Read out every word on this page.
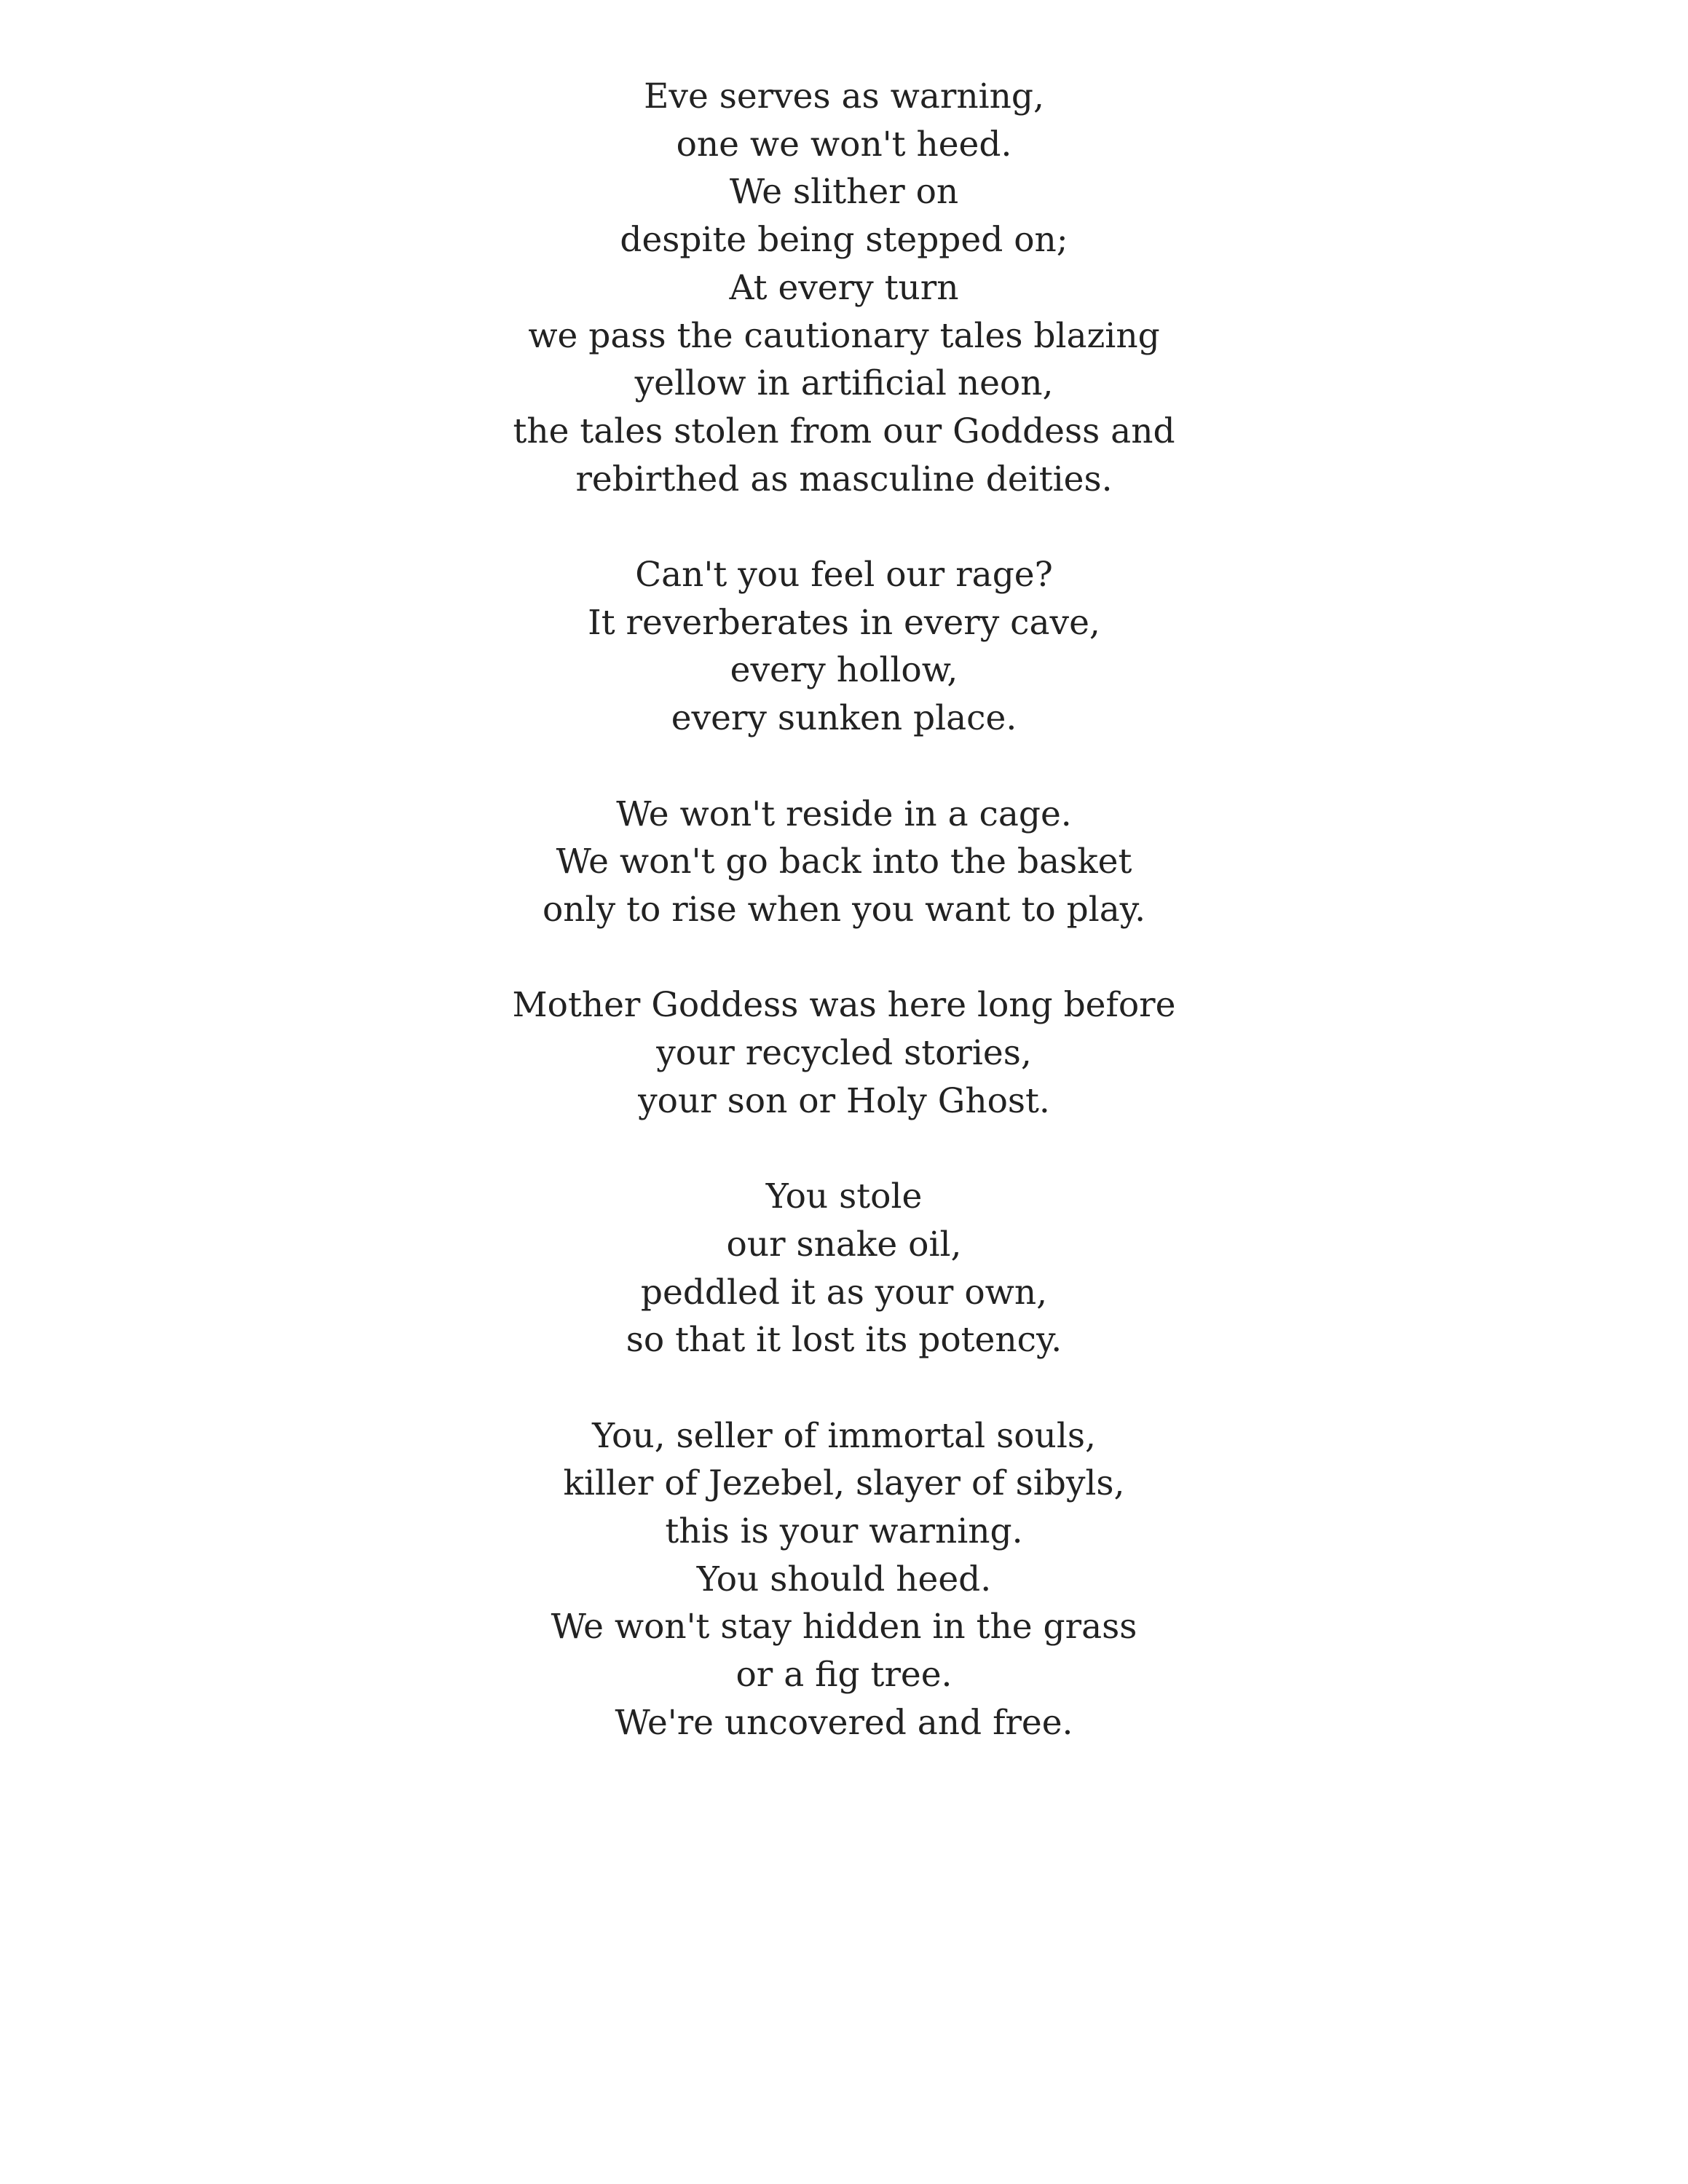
Eve serves as warning,
one we won't heed.
We slither on
despite being stepped on;
At every turn
we pass the cautionary tales blazing
yellow in artificial neon,
the tales stolen from our Goddess and
rebirthed as masculine deities.
Can't you feel our rage?
It reverberates in every cave,
every hollow,
every sunken place.
We won't reside in a cage.
We won't go back into the basket
only to rise when you want to play.
Mother Goddess was here long before
your recycled stories,
your son or Holy Ghost.
You stole
our snake oil,
peddled it as your own,
so that it lost its potency.
You, seller of immortal souls,
killer of Jezebel, slayer of sibyls,
this is your warning.
You should heed.
We won't stay hidden in the grass
or a fig tree.
We're uncovered and free.
